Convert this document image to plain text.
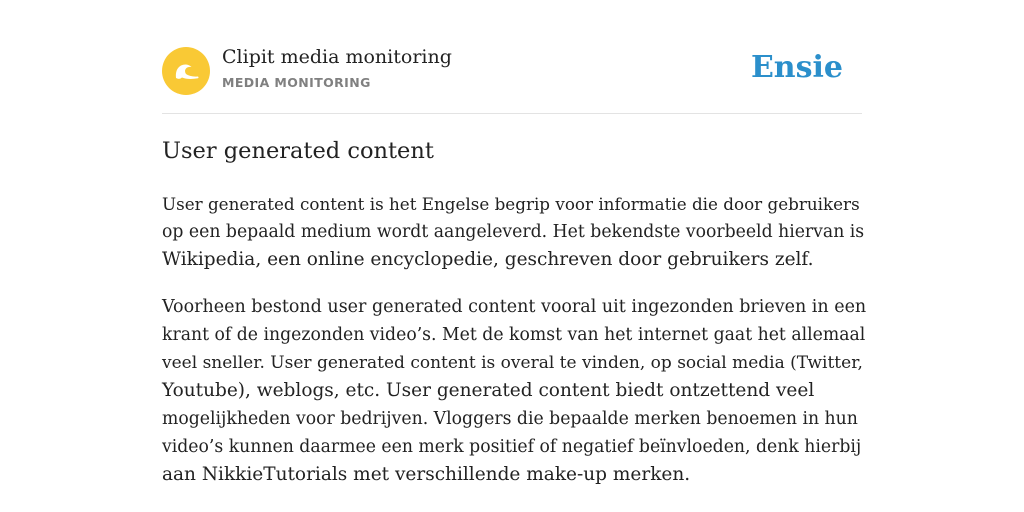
Clipit media monitoring
MEDIA MONITORING	Ensie
User generated content

User generated content is het Engelse begrip voor informatie die door gebruikers
op een bepaald medium wordt aangeleverd. Het bekendste voorbeeld hiervan is
Wikipedia, een online encyclopedie, geschreven door gebruikers zelf.

Voorheen bestond user generated content vooral uit ingezonden brieven in een
krant of de ingezonden video’s. Met de komst van het internet gaat het allemaal
veel sneller. User generated content is overal te vinden, op social media (Twitter,
Youtube), weblogs, etc. User generated content biedt ontzettend veel
mogelijkheden voor bedrijven. Vloggers die bepaalde merken benoemen in hun
video’s kunnen daarmee een merk positief of negatief beïnvloeden, denk hierbij
aan NikkieTutorials met verschillende make-up merken.
